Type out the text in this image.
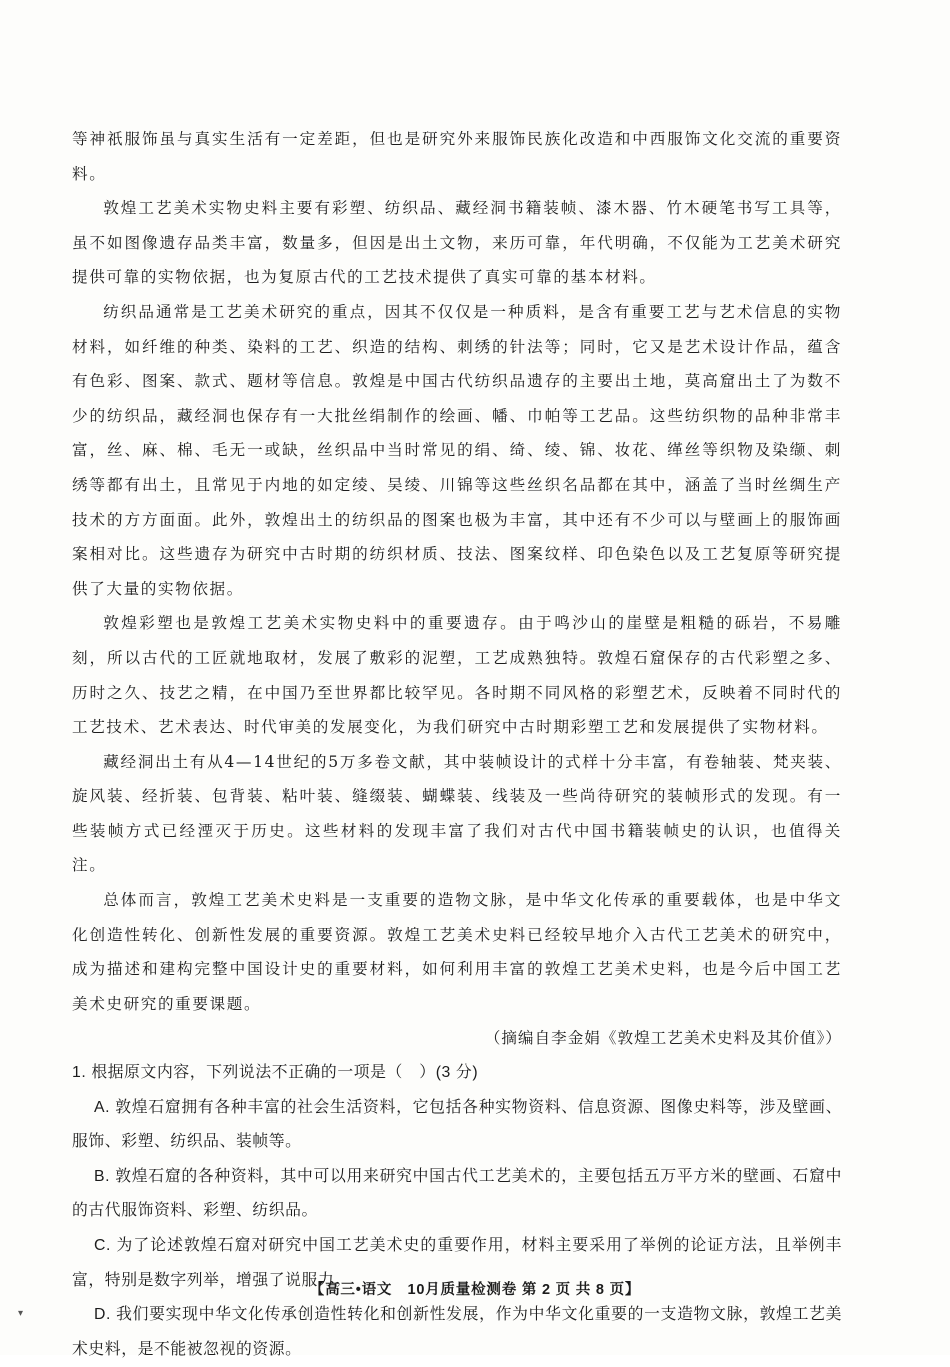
等神祇服饰虽与真实生活有一定差距，但也是研究外来服饰民族化改造和中西服饰文化交流的重要资料。

敦煌工艺美术实物史料主要有彩塑、纺织品、藏经洞书籍装帧、漆木器、竹木硬笔书写工具等，虽不如图像遗存品类丰富，数量多，但因是出土文物，来历可靠，年代明确，不仅能为工艺美术研究提供可靠的实物依据，也为复原古代的工艺技术提供了真实可靠的基本材料。

纺织品通常是工艺美术研究的重点，因其不仅仅是一种质料，是含有重要工艺与艺术信息的实物材料，如纤维的种类、染料的工艺、织造的结构、刺绣的针法等；同时，它又是艺术设计作品，蕴含有色彩、图案、款式、题材等信息。敦煌是中国古代纺织品遗存的主要出土地，莫高窟出土了为数不少的纺织品，藏经洞也保存有一大批丝绢制作的绘画、幡、巾帕等工艺品。这些纺织物的品种非常丰富，丝、麻、棉、毛无一或缺，丝织品中当时常见的绢、绮、绫、锦、妆花、缂丝等织物及染缬、刺绣等都有出土，且常见于内地的如定绫、吴绫、川锦等这些丝织名品都在其中，涵盖了当时丝绸生产技术的方方面面。此外，敦煌出土的纺织品的图案也极为丰富，其中还有不少可以与壁画上的服饰画案相对比。这些遗存为研究中古时期的纺织材质、技法、图案纹样、印色染色以及工艺复原等研究提供了大量的实物依据。

敦煌彩塑也是敦煌工艺美术实物史料中的重要遗存。由于鸣沙山的崖壁是粗糙的砾岩，不易雕刻，所以古代的工匠就地取材，发展了敷彩的泥塑，工艺成熟独特。敦煌石窟保存的古代彩塑之多、历时之久、技艺之精，在中国乃至世界都比较罕见。各时期不同风格的彩塑艺术，反映着不同时代的工艺技术、艺术表达、时代审美的发展变化，为我们研究中古时期彩塑工艺和发展提供了实物材料。

藏经洞出土有从4—14世纪的5万多卷文献，其中装帧设计的式样十分丰富，有卷轴装、梵夹装、旋风装、经折装、包背装、粘叶装、缝缀装、蝴蝶装、线装及一些尚待研究的装帧形式的发现。有一些装帧方式已经湮灭于历史。这些材料的发现丰富了我们对古代中国书籍装帧史的认识，也值得关注。

总体而言，敦煌工艺美术史料是一支重要的造物文脉，是中华文化传承的重要载体，也是中华文化创造性转化、创新性发展的重要资源。敦煌工艺美术史料已经较早地介入古代工艺美术的研究中，成为描述和建构完整中国设计史的重要材料，如何利用丰富的敦煌工艺美术史料，也是今后中国工艺美术史研究的重要课题。

（摘编自李金娟《敦煌工艺美术史料及其价值》）

1. 根据原文内容，下列说法不正确的一项是（　）(3 分)

A. 敦煌石窟拥有各种丰富的社会生活资料，它包括各种实物资料、信息资源、图像史料等，涉及壁画、服饰、彩塑、纺织品、装帧等。

B. 敦煌石窟的各种资料，其中可以用来研究中国古代工艺美术的，主要包括五万平方米的壁画、石窟中的古代服饰资料、彩塑、纺织品。

C. 为了论述敦煌石窟对研究中国工艺美术史的重要作用，材料主要采用了举例的论证方法，且举例丰富，特别是数字列举，增强了说服力。

D. 我们要实现中华文化传承创造性转化和创新性发展，作为中华文化重要的一支造物文脉，敦煌工艺美术史料，是不能被忽视的资源。

【高三•语文　10月质量检测卷 第 2 页 共 8 页】
▾
